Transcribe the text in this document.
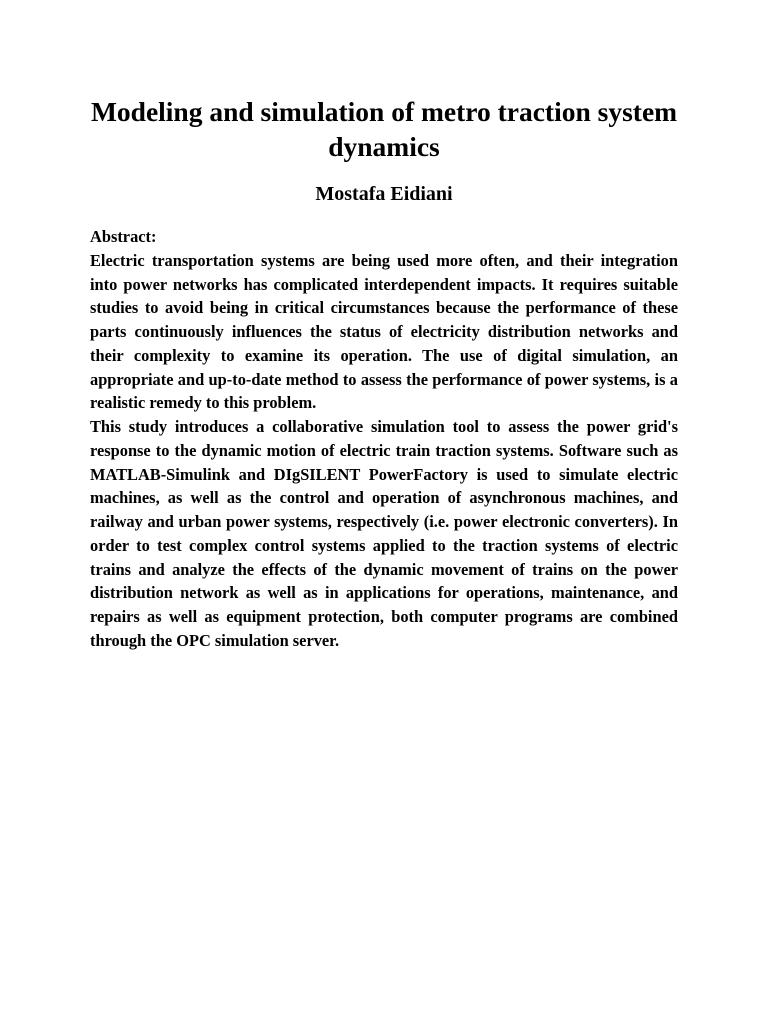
Modeling and simulation of metro traction system dynamics
Mostafa Eidiani
Abstract:

Electric transportation systems are being used more often, and their integration into power networks has complicated interdependent impacts. It requires suitable studies to avoid being in critical circumstances because the performance of these parts continuously influences the status of electricity distribution networks and their complexity to examine its operation. The use of digital simulation, an appropriate and up-to-date method to assess the performance of power systems, is a realistic remedy to this problem.

This study introduces a collaborative simulation tool to assess the power grid's response to the dynamic motion of electric train traction systems. Software such as MATLAB-Simulink and DIgSILENT PowerFactory is used to simulate electric machines, as well as the control and operation of asynchronous machines, and railway and urban power systems, respectively (i.e. power electronic converters). In order to test complex control systems applied to the traction systems of electric trains and analyze the effects of the dynamic movement of trains on the power distribution network as well as in applications for operations, maintenance, and repairs as well as equipment protection, both computer programs are combined through the OPC simulation server.
